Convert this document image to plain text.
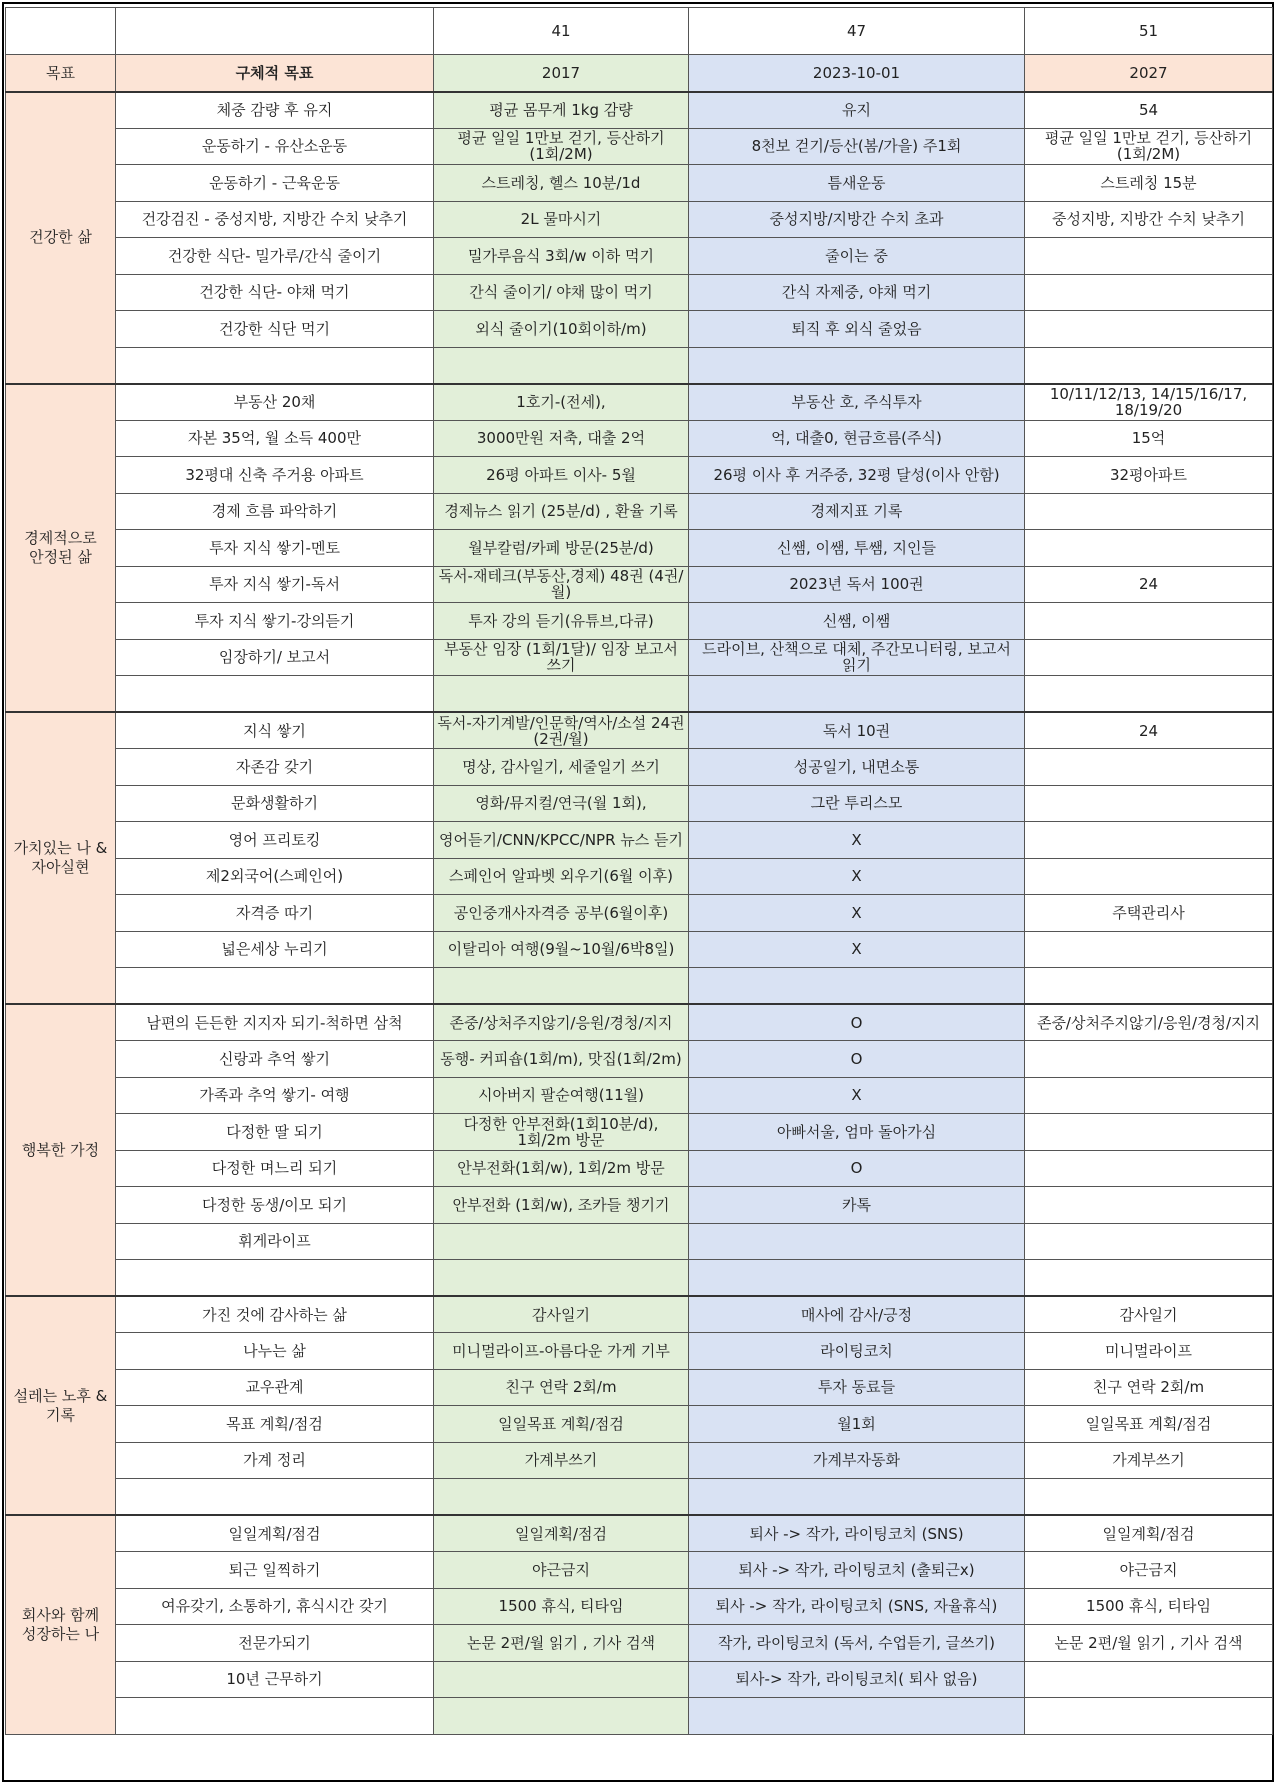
		41	47	51
목표	구체적 목표	2017	2023-10-01	2027
건강한 삶	체중 감량 후 유지	평균 몸무게 1kg 감량	유지	54
	운동하기 - 유산소운동	평균 일일 1만보 걷기, 등산하기 (1회/2M)	8천보 걷기/등산(봄/가을) 주1회	평균 일일 1만보 걷기, 등산하기 (1회/2M)
	운동하기 - 근육운동	스트레칭, 헬스 10분/1d	틈새운동	스트레칭 15분
	건강검진 - 중성지방, 지방간 수치 낮추기	2L 물마시기	중성지방/지방간 수치 초과	중성지방, 지방간 수치 낮추기
	건강한 식단- 밀가루/간식 줄이기	밀가루음식 3회/w 이하 먹기	줄이는 중	
	건강한 식단- 야채 먹기	간식 줄이기/ 야채 많이 먹기	간식 자제중, 야채 먹기	
	건강한 식단 먹기	외식 줄이기(10회이하/m)	퇴직 후 외식 줄었음	

경제적으로 안정된 삶	부동산 20채	1호기-(전세),	부동산 호, 주식투자	10/11/12/13, 14/15/16/17, 18/19/20
	자본 35억, 월 소득 400만	3000만원 저축, 대출 2억	억, 대출0, 현금흐름(주식)	15억
	32평대 신축 주거용 아파트	26평 아파트 이사- 5월	26평 이사 후 거주중, 32평 달성(이사 안함)	32평아파트
	경제 흐름 파악하기	경제뉴스 읽기 (25분/d) , 환율 기록	경제지표 기록	
	투자 지식 쌓기-멘토	월부칼럼/카페 방문(25분/d)	신쌤, 이쌤, 투쌤, 지인들	
	투자 지식 쌓기-독서	독서-재테크(부동산,경제) 48권 (4권/월)	2023년 독서 100권	24
	투자 지식 쌓기-강의듣기	투자 강의 듣기(유튜브,다큐)	신쌤, 이쌤	
	임장하기/ 보고서	부동산 임장 (1회/1달)/ 임장 보고서 쓰기	드라이브, 산책으로 대체, 주간모니터링, 보고서 읽기	

가치있는 나 & 자아실현	지식 쌓기	독서-자기계발/인문학/역사/소설 24권 (2권/월)	독서 10권	24
	자존감 갖기	명상, 감사일기, 세줄일기 쓰기	성공일기, 내면소통	
	문화생활하기	영화/뮤지컬/연극(월 1회),	그란 투리스모	
	영어 프리토킹	영어듣기/CNN/KPCC/NPR 뉴스 듣기	X	
	제2외국어(스페인어)	스페인어 알파벳 외우기(6월 이후)	X	
	자격증 따기	공인중개사자격증 공부(6월이후)	X	주택관리사
	넓은세상 누리기	이탈리아 여행(9월~10월/6박8일)	X	

행복한 가정	남편의 든든한 지지자 되기-척하면 삼척	존중/상처주지않기/응원/경청/지지	O	존중/상처주지않기/응원/경청/지지
	신랑과 추억 쌓기	동행- 커피숍(1회/m), 맛집(1회/2m)	O	
	가족과 추억 쌓기- 여행	시아버지 팔순여행(11월)	X	
	다정한 딸 되기	다정한 안부전화(1회10분/d), 1회/2m 방문	아빠서울, 엄마 돌아가심	
	다정한 며느리 되기	안부전화(1회/w), 1회/2m 방문	O	
	다정한 동생/이모 되기	안부전화 (1회/w), 조카들 챙기기	카톡	
	휘게라이프			

설레는 노후 & 기록	가진 것에 감사하는 삶	감사일기	매사에 감사/긍정	감사일기
	나누는 삶	미니멀라이프-아름다운 가게 기부	라이팅코치	미니멀라이프
	교우관계	친구 연락 2회/m	투자 동료들	친구 연락 2회/m
	목표 계획/점검	일일목표 계획/점검	월1회	일일목표 계획/점검
	가계 정리	가계부쓰기	가계부자동화	가계부쓰기

회사와 함께 성장하는 나	일일계획/점검	일일계획/점검	퇴사 -> 작가, 라이팅코치 (SNS)	일일계획/점검
	퇴근 일찍하기	야근금지	퇴사 -> 작가, 라이팅코치 (출퇴근x)	야근금지
	여유갖기, 소통하기, 휴식시간 갖기	1500 휴식, 티타임	퇴사 -> 작가, 라이팅코치 (SNS, 자율휴식)	1500 휴식, 티타임
	전문가되기	논문 2편/월 읽기 , 기사 검색	작가, 라이팅코치 (독서, 수업듣기, 글쓰기)	논문 2편/월 읽기 , 기사 검색
	10년 근무하기		퇴사-> 작가, 라이팅코치( 퇴사 없음)	
